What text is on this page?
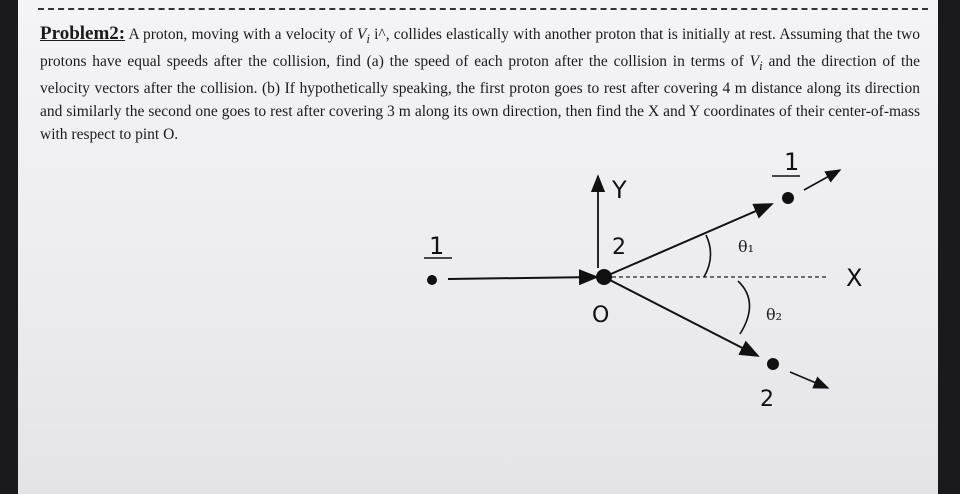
Problem2: A proton, moving with a velocity of $V_i$ i^, collides elastically with another proton that is initially at rest. Assuming that the two protons have equal speeds after the collision, find (a) the speed of each proton after the collision in terms of $V_i$ and the direction of the velocity vectors after the collision. (b) If hypothetically speaking, the first proton goes to rest after covering 4 m distance along its direction and similarly the second one goes to rest after covering 3 m along its own direction, then find the X and Y coordinates of their center-of-mass with respect to pint O.
1	2
O
Y
X
1
2
θ₁
θ₂
